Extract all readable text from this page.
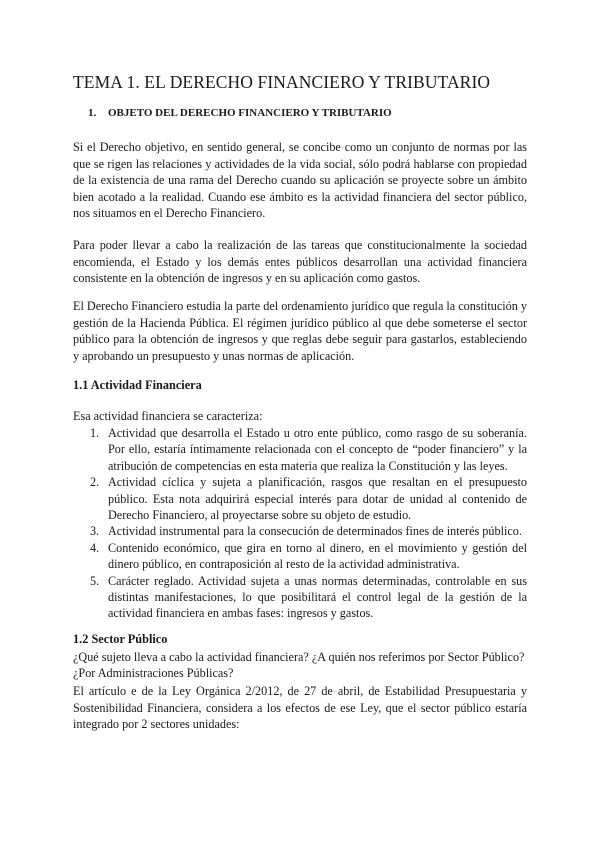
TEMA 1. EL DERECHO FINANCIERO Y TRIBUTARIO
1. OBJETO DEL DERECHO FINANCIERO Y TRIBUTARIO

Si el Derecho objetivo, en sentido general, se concibe como un conjunto de normas por las que se rigen las relaciones y actividades de la vida social, sólo podrá hablarse con propiedad de la existencia de una rama del Derecho cuando su aplicación se proyecte sobre un ámbito bien acotado a la realidad. Cuando ese ámbito es la actividad financiera del sector público, nos situamos en el Derecho Financiero.

Para poder llevar a cabo la realización de las tareas que constitucionalmente la sociedad encomienda, el Estado y los demás entes públicos desarrollan una actividad financiera consistente en la obtención de ingresos y en su aplicación como gastos.

El Derecho Financiero estudia la parte del ordenamiento jurídico que regula la constitución y gestión de la Hacienda Pública. El régimen jurídico público al que debe someterse el sector público para la obtención de ingresos y que reglas debe seguir para gastarlos, estableciendo y aprobando un presupuesto y unas normas de aplicación.

1.1 Actividad Financiera

Esa actividad financiera se caracteriza:

1. Actividad que desarrolla el Estado u otro ente público, como rasgo de su soberanía. Por ello, estaría íntimamente relacionada con el concepto de “poder financiero” y la atribución de competencias en esta materia que realiza la Constitución y las leyes.
2. Actividad cíclica y sujeta a planificación, rasgos que resaltan en el presupuesto público. Esta nota adquirirá especial interés para dotar de unidad al contenido de Derecho Financiero, al proyectarse sobre su objeto de estudio.
3. Actividad instrumental para la consecución de determinados fines de interés público.
4. Contenido económico, que gira en torno al dinero, en el movimiento y gestión del dinero público, en contraposición al resto de la actividad administrativa.
5. Carácter reglado. Actividad sujeta a unas normas determinadas, controlable en sus distintas manifestaciones, lo que posibilitará el control legal de la gestión de la actividad financiera en ambas fases: ingresos y gastos.
1.2 Sector Público

¿Qué sujeto lleva a cabo la actividad financiera? ¿A quién nos referimos por Sector Público? ¿Por Administraciones Públicas?

El artículo e de la Ley Orgánica 2/2012, de 27 de abril, de Estabilidad Presupuestaria y Sostenibilidad Financiera, considera a los efectos de ese Ley, que el sector público estaría integrado por 2 sectores unidades:
